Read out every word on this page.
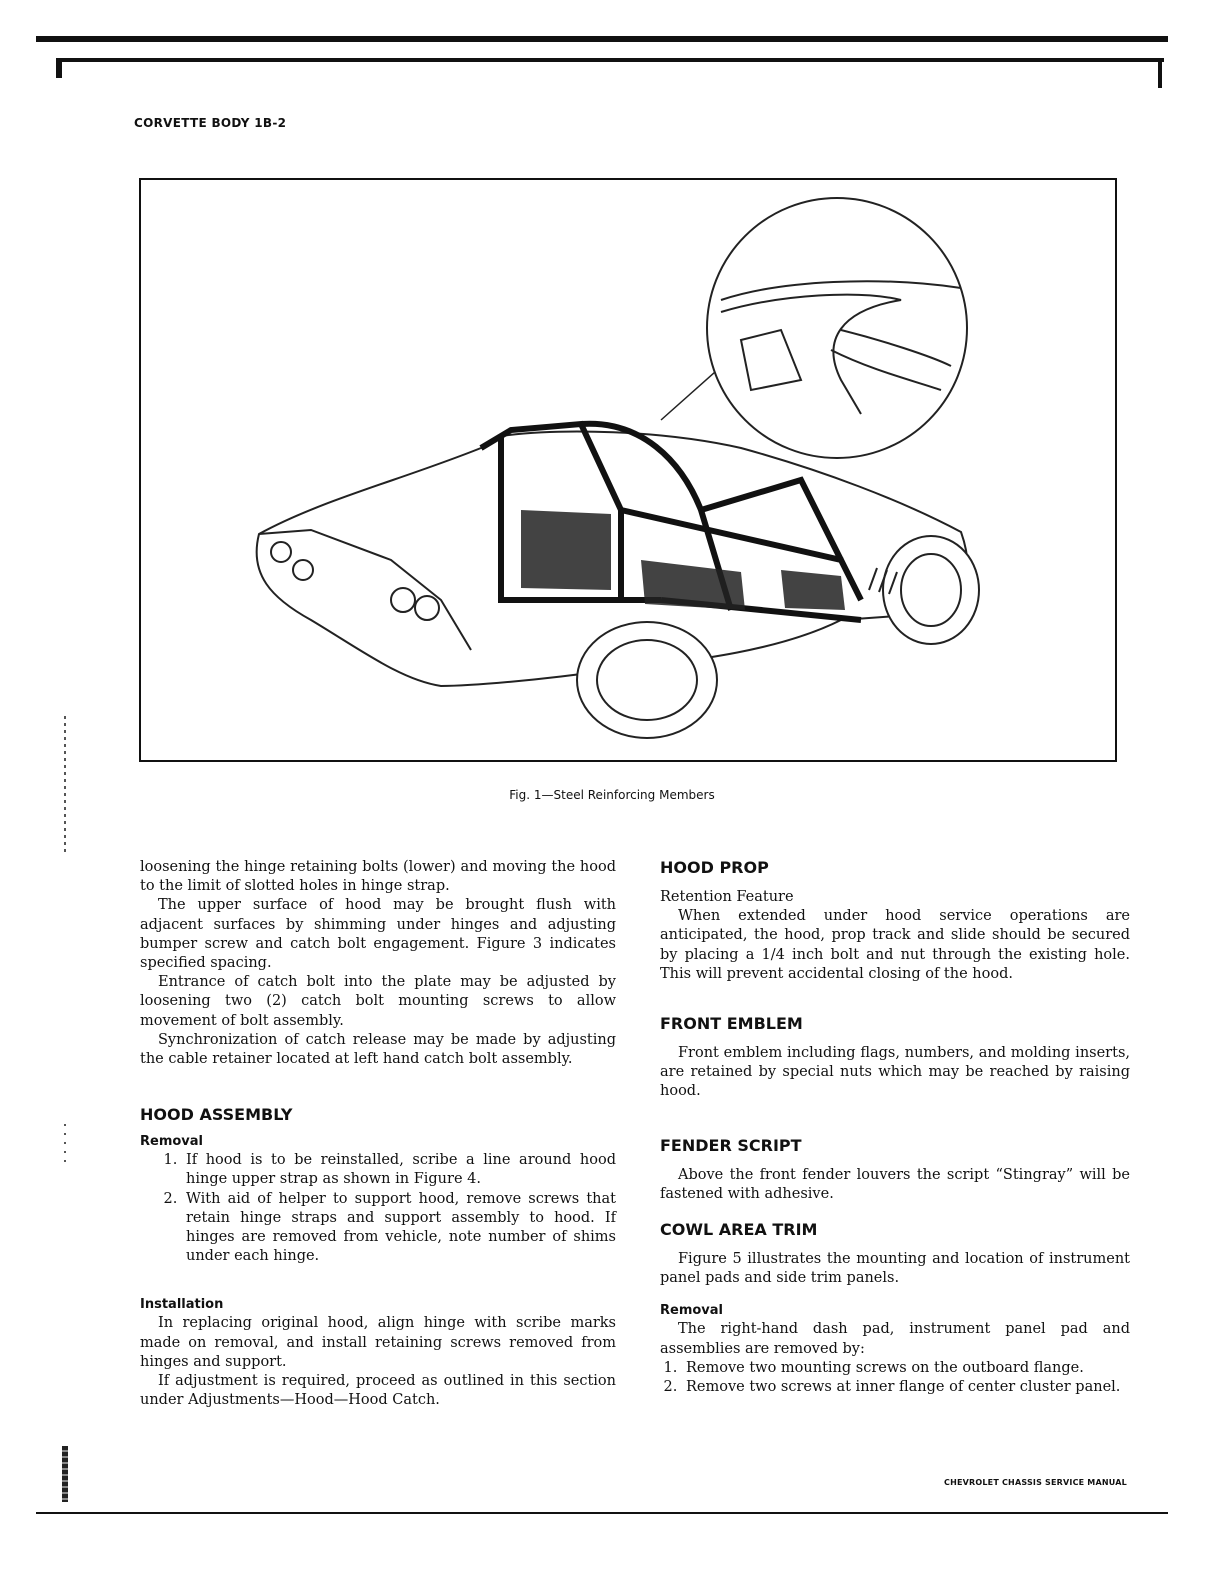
CORVETTE BODY 1B-2
Fig. 1—Steel Reinforcing Members

loosening the hinge retaining bolts (lower) and moving the hood to the limit of slotted holes in hinge strap.

The upper surface of hood may be brought flush with adjacent surfaces by shimming under hinges and adjusting bumper screw and catch bolt engagement. Figure 3 indicates specified spacing.

Entrance of catch bolt into the plate may be adjusted by loosening two (2) catch bolt mounting screws to allow movement of bolt assembly.

Synchronization of catch release may be made by adjusting the cable retainer located at left hand catch bolt assembly.

HOOD ASSEMBLY
Removal
1. If hood is to be reinstalled, scribe a line around hood hinge upper strap as shown in Figure 4.
2. With aid of helper to support hood, remove screws that retain hinge straps and support assembly to hood. If hinges are removed from vehicle, note number of shims under each hinge.
Installation

In replacing original hood, align hinge with scribe marks made on removal, and install retaining screws removed from hinges and support.

If adjustment is required, proceed as outlined in this section under Adjustments—Hood—Hood Catch.

HOOD PROP

Retention Feature

When extended under hood service operations are anticipated, the hood, prop track and slide should be secured by placing a 1/4 inch bolt and nut through the existing hole. This will prevent accidental closing of the hood.

FRONT EMBLEM

Front emblem including flags, numbers, and molding inserts, are retained by special nuts which may be reached by raising hood.

FENDER SCRIPT

Above the front fender louvers the script “Stingray” will be fastened with adhesive.

COWL AREA TRIM

Figure 5 illustrates the mounting and location of instrument panel pads and side trim panels.

Removal

The right-hand dash pad, instrument panel pad and assemblies are removed by:

1. Remove two mounting screws on the outboard flange.
2. Remove two screws at inner flange of center cluster panel.
CHEVROLET CHASSIS SERVICE MANUAL
